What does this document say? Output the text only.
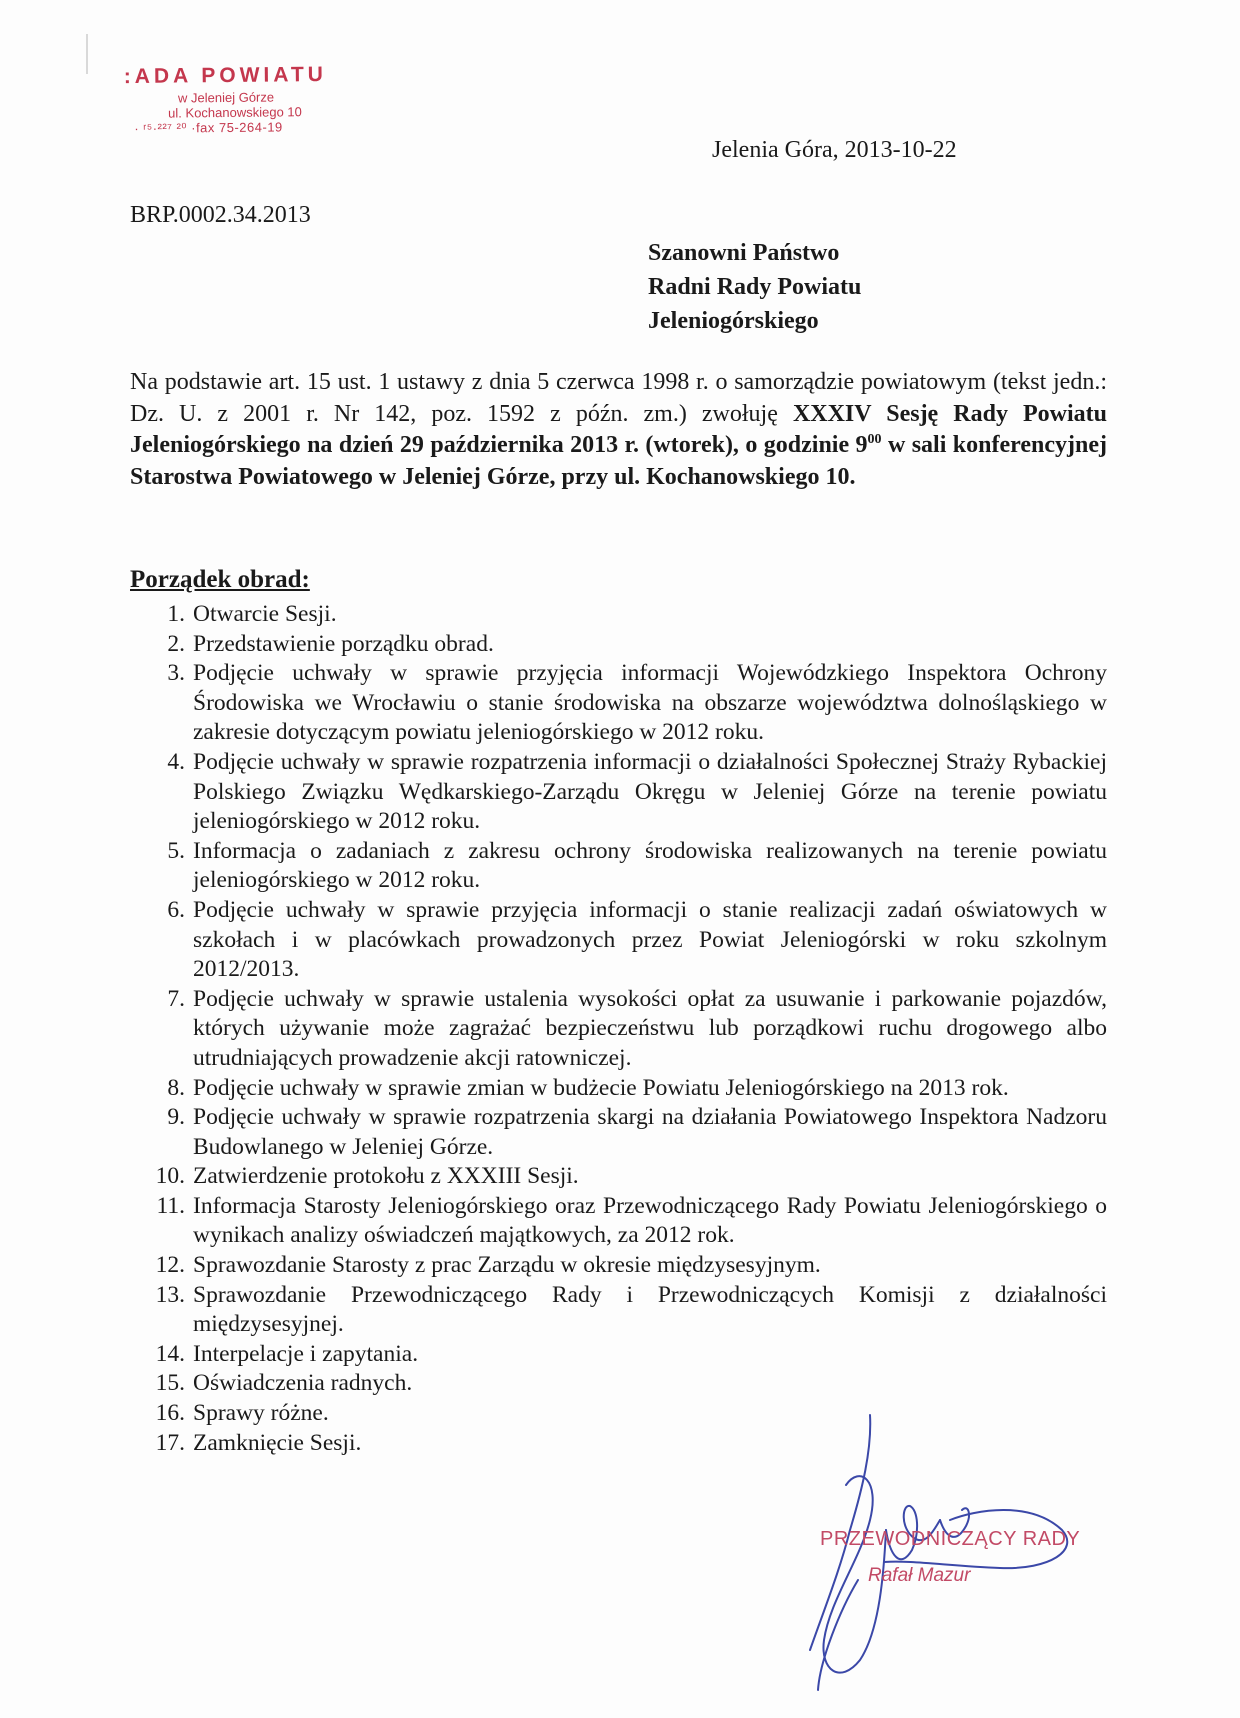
:ADA POWIATU
w Jeleniej Górze
ul. Kochanowskiego 10
· ʳ⁵·²²⁷ ²⁰ ·fax 75-264-19
Jelenia Góra, 2013-10-22
BRP.0002.34.2013
Szanowni Państwo
Radni Rady Powiatu
Jeleniogórskiego
Na podstawie art. 15 ust. 1 ustawy z dnia 5 czerwca 1998 r. o samorządzie powiatowym (tekst jedn.: Dz. U. z 2001 r. Nr 142, poz. 1592 z późn. zm.) zwołuję XXXIV Sesję Rady Powiatu Jeleniogórskiego na dzień 29 października 2013 r. (wtorek), o godzinie $9^{00}$ w sali konferencyjnej Starostwa Powiatowego w Jeleniej Górze, przy ul. Kochanowskiego 10.
Porządek obrad:
1. Otwarcie Sesji.
2. Przedstawienie porządku obrad.
3. Podjęcie uchwały w sprawie przyjęcia informacji Wojewódzkiego Inspektora Ochrony Środowiska we Wrocławiu o stanie środowiska na obszarze województwa dolnośląskiego w zakresie dotyczącym powiatu jeleniogórskiego w 2012 roku.
4. Podjęcie uchwały w sprawie rozpatrzenia informacji o działalności Społecznej Straży Rybackiej Polskiego Związku Wędkarskiego-Zarządu Okręgu w Jeleniej Górze na terenie powiatu jeleniogórskiego w 2012 roku.
5. Informacja o zadaniach z zakresu ochrony środowiska realizowanych na terenie powiatu jeleniogórskiego w 2012 roku.
6. Podjęcie uchwały w sprawie przyjęcia informacji o stanie realizacji zadań oświatowych w szkołach i w placówkach prowadzonych przez Powiat Jeleniogórski w roku szkolnym 2012/2013.
7. Podjęcie uchwały w sprawie ustalenia wysokości opłat za usuwanie i parkowanie pojazdów, których używanie może zagrażać bezpieczeństwu lub porządkowi ruchu drogowego albo utrudniających prowadzenie akcji ratowniczej.
8. Podjęcie uchwały w sprawie zmian w budżecie Powiatu Jeleniogórskiego na 2013 rok.
9. Podjęcie uchwały w sprawie rozpatrzenia skargi na działania Powiatowego Inspektora Nadzoru Budowlanego w Jeleniej Górze.
10. Zatwierdzenie protokołu z XXXIII Sesji.
11. Informacja Starosty Jeleniogórskiego oraz Przewodniczącego Rady Powiatu Jeleniogórskiego o wynikach analizy oświadczeń majątkowych, za 2012 rok.
12. Sprawozdanie Starosty z prac Zarządu w okresie międzysesyjnym.
13. Sprawozdanie Przewodniczącego Rady i Przewodniczących Komisji z działalności międzysesyjnej.
14. Interpelacje i zapytania.
15. Oświadczenia radnych.
16. Sprawy różne.
17. Zamknięcie Sesji.
PRZEWODNICZĄCY RADY
Rafał Mazur
